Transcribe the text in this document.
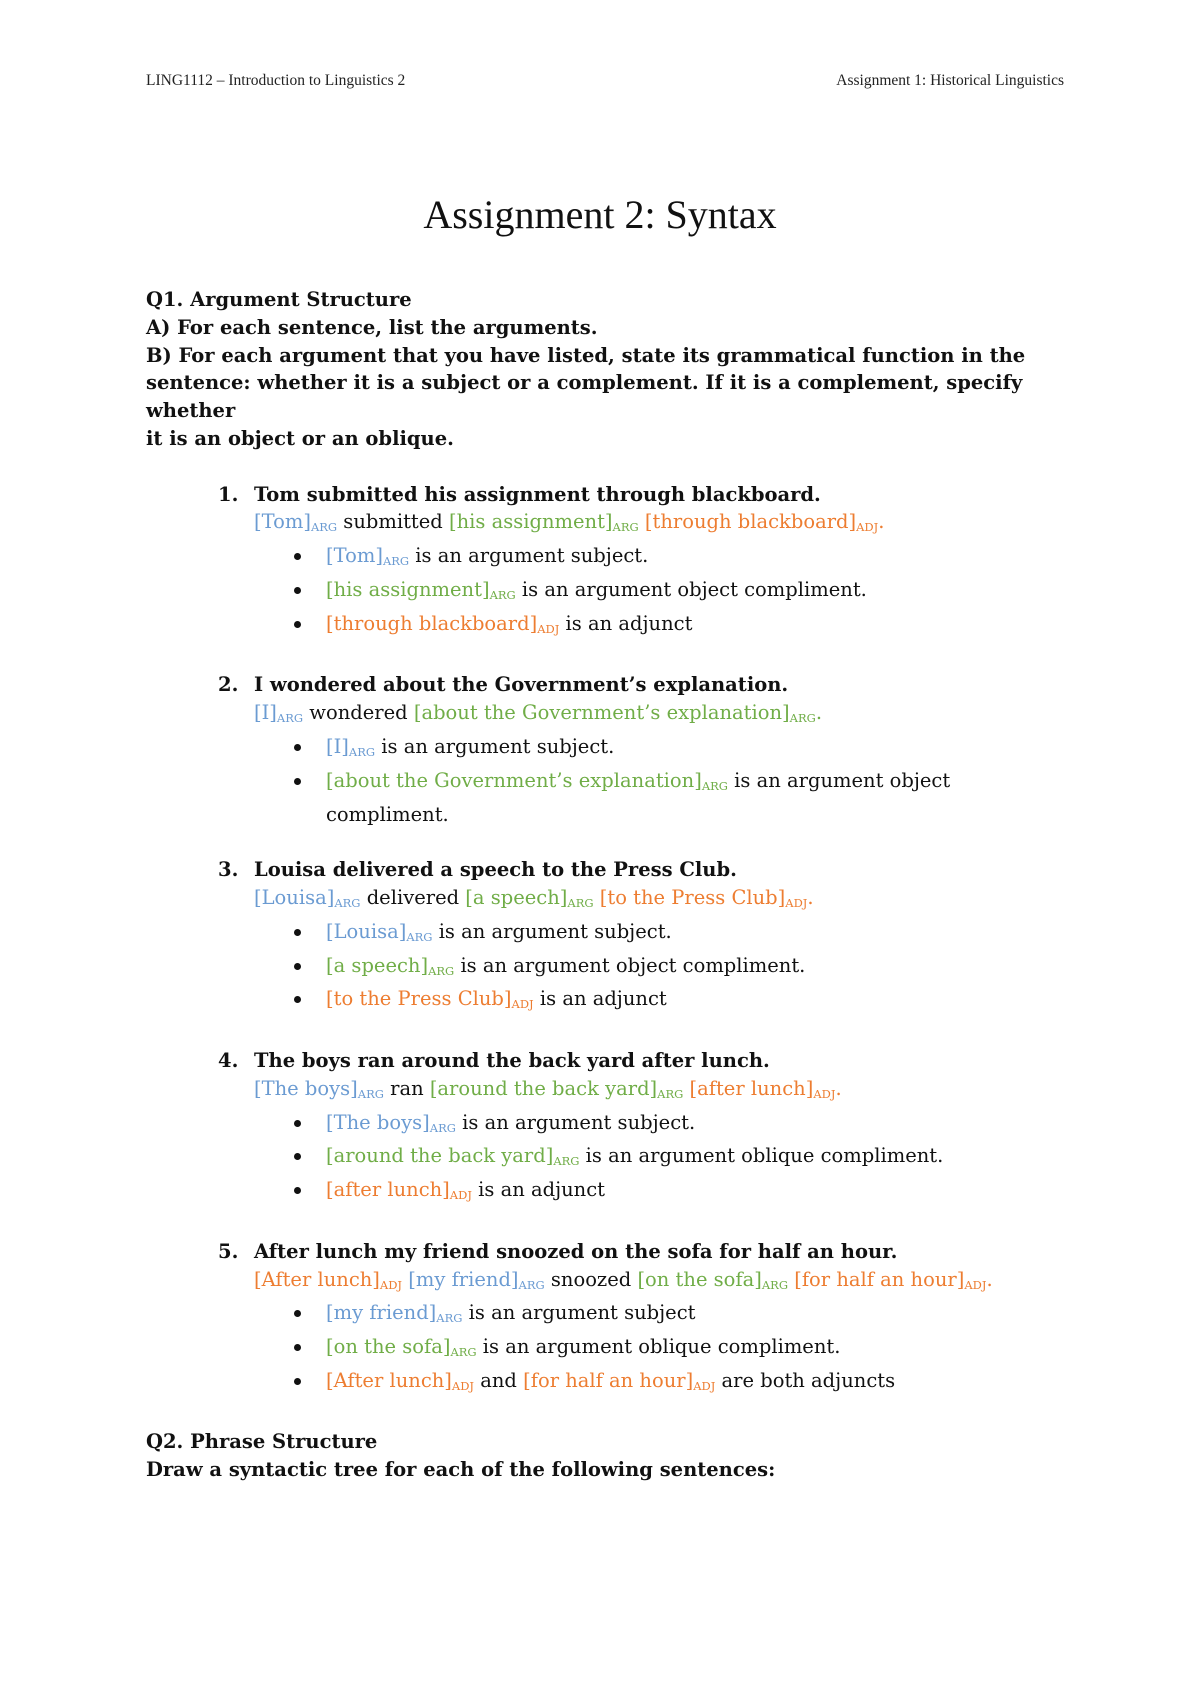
LING1112 – Introduction to Linguistics 2	Assignment 1: Historical Linguistics
Assignment 2: Syntax

Q1. Argument Structure

A) For each sentence, list the arguments.

B) For each argument that you have listed, state its grammatical function in the

sentence: whether it is a subject or a complement. If it is a complement, specify whether

it is an object or an oblique.

1. Tom submitted his assignment through blackboard.
$[Tom]_{ARG}$ submitted [his $assignment]_{ARG}$ [through $blackboard]_{ADJ}$.
$[Tom]_{ARG}$ is an argument subject.
[his $assignment]_{ARG}$ is an argument object compliment.
[through $blackboard]_{ADJ}$ is an adjunct
2. I wondered about the Government’s explanation.
$[I]_{ARG}$ wondered [about the Government’s $explanation]_{ARG}$.
$[I]_{ARG}$ is an argument subject.
[about the Government’s $explanation]_{ARG}$ is an argument object
compliment.
3. Louisa delivered a speech to the Press Club.
$[Louisa]_{ARG}$ delivered [a $speech]_{ARG}$ [to the Press $Club]_{ADJ}$.
$[Louisa]_{ARG}$ is an argument subject.
[a $speech]_{ARG}$ is an argument object compliment.
[to the Press $Club]_{ADJ}$ is an adjunct
4. The boys ran around the back yard after lunch.
[The $boys]_{ARG}$ ran [around the back $yard]_{ARG}$ [after $lunch]_{ADJ}$.
[The $boys]_{ARG}$ is an argument subject.
[around the back $yard]_{ARG}$ is an argument oblique compliment.
[after $lunch]_{ADJ}$ is an adjunct
5. After lunch my friend snoozed on the sofa for half an hour.
[After $lunch]_{ADJ}$ [my $friend]_{ARG}$ snoozed [on the $sofa]_{ARG}$ [for half an $hour]_{ADJ}$.
[my $friend]_{ARG}$ is an argument subject
[on the $sofa]_{ARG}$ is an argument oblique compliment.
[After $lunch]_{ADJ}$ and [for half an $hour]_{ADJ}$ are both adjuncts

Q2. Phrase Structure

Draw a syntactic tree for each of the following sentences:
